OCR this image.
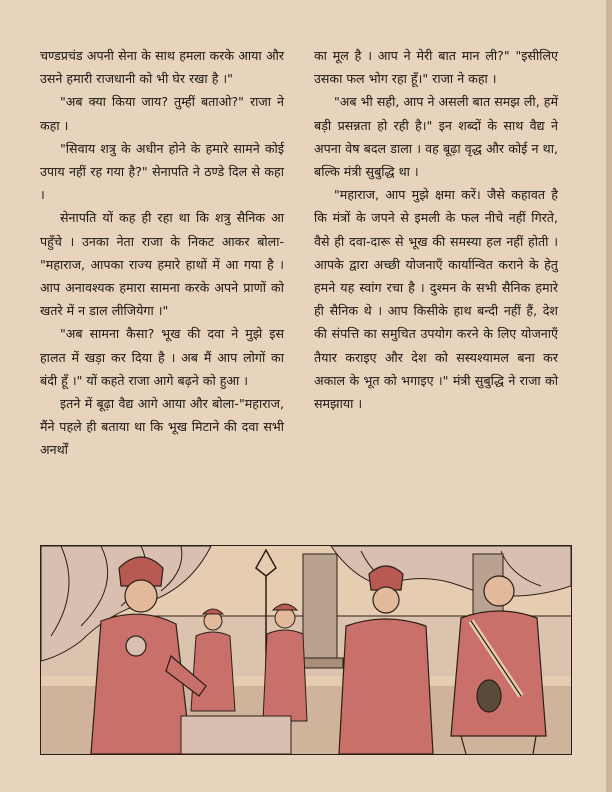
चण्डप्रचंड अपनी सेना के साथ हमला करके आया और उसने हमारी राजधानी को भी घेर रखा है ।"

"अब क्या किया जाय? तुम्हीं बताओ?" राजा ने कहा ।

"सिवाय शत्रु के अधीन होने के हमारे सामने कोई उपाय नहीं रह गया है?" सेनापति ने ठण्डे दिल से कहा ।

सेनापति यों कह ही रहा था कि शत्रु सैनिक आ पहुँचे । उनका नेता राजा के निकट आकर बोला-"महाराज, आपका राज्य हमारे हाथों में आ गया है । आप अनावश्यक हमारा सामना करके अपने प्राणों को खतरे में न डाल लीजियेगा ।"

"अब सामना कैसा? भूख की दवा ने मुझे इस हालत में खड़ा कर दिया है । अब मैं आप लोगों का बंदी हूँ ।" यों कहते राजा आगे बढ़ने को हुआ ।

इतने में बूढ़ा वैद्य आगे आया और बोला-"महाराज, मैंने पहले ही बताया था कि भूख मिटाने की दवा सभी अनर्थों

का मूल है । आप ने मेरी बात मान ली?" "इसीलिए उसका फल भोग रहा हूँ।" राजा ने कहा ।

"अब भी सही, आप ने असली बात समझ ली, हमें बड़ी प्रसन्नता हो रही है।" इन शब्दों के साथ वैद्य ने अपना वेष बदल डाला । वह बूढ़ा वृद्ध और कोई न था, बल्कि मंत्री सुबुद्धि था ।

"महाराज, आप मुझे क्षमा करें। जैसे कहावत है कि मंत्रों के जपने से इमली के फल नीचे नहीं गिरते, वैसे ही दवा-दारू से भूख की समस्या हल नहीं होती । आपके द्वारा अच्छी योजनाएँ कार्यान्वित कराने के हेतु हमने यह स्वांग रचा है । दुश्मन के सभी सैनिक हमारे ही सैनिक थे । आप किसीके हाथ बन्दी नहीं हैं, देश की संपत्ति का समुचित उपयोग करने के लिए योजनाएँ तैयार कराइए और देश को सस्यश्यामल बना कर अकाल के भूत को भगाइए ।" मंत्री सुबुद्धि ने राजा को समझाया ।
